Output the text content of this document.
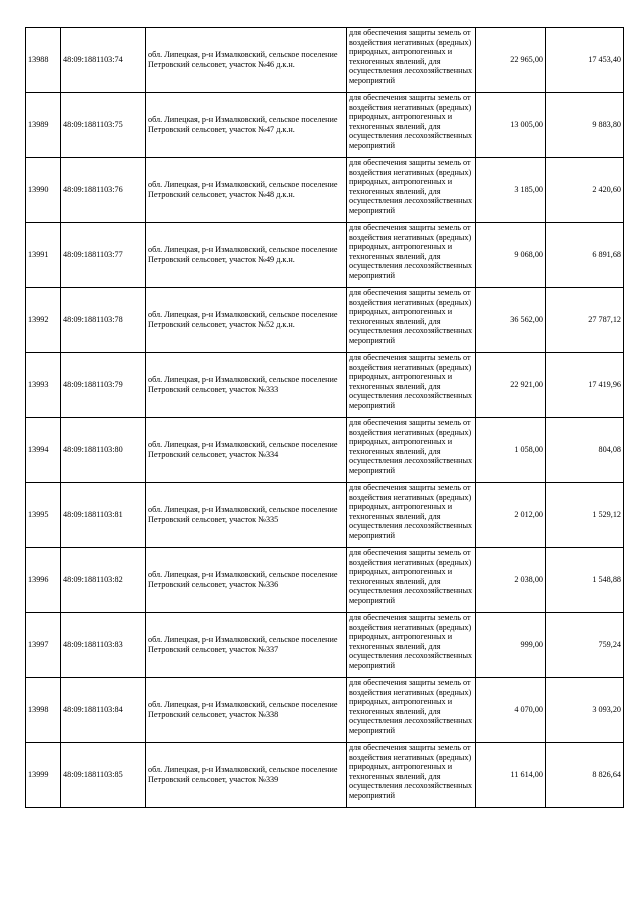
13988	48:09:1881103:74	обл. Липецкая, р-н Измалковский, сельское поселение Петровский сельсовет, участок №46 д.к.н.	для обеспечения защиты земель от воздействия негативных (вредных) природных, антропогенных и техногенных явлений, для осуществления лесохозяйственных мероприятий	22 965,00	17 453,40
13989	48:09:1881103:75	обл. Липецкая, р-н Измалковский, сельское поселение Петровский сельсовет, участок №47 д.к.н.	для обеспечения защиты земель от воздействия негативных (вредных) природных, антропогенных и техногенных явлений, для осуществления лесохозяйственных мероприятий	13 005,00	9 883,80
13990	48:09:1881103:76	обл. Липецкая, р-н Измалковский, сельское поселение Петровский сельсовет, участок №48 д.к.н.	для обеспечения защиты земель от воздействия негативных (вредных) природных, антропогенных и техногенных явлений, для осуществления лесохозяйственных мероприятий	3 185,00	2 420,60
13991	48:09:1881103:77	обл. Липецкая, р-н Измалковский, сельское поселение Петровский сельсовет, участок №49 д.к.н.	для обеспечения защиты земель от воздействия негативных (вредных) природных, антропогенных и техногенных явлений, для осуществления лесохозяйственных мероприятий	9 068,00	6 891,68
13992	48:09:1881103:78	обл. Липецкая, р-н Измалковский, сельское поселение Петровский сельсовет, участок №52 д.к.н.	для обеспечения защиты земель от воздействия негативных (вредных) природных, антропогенных и техногенных явлений, для осуществления лесохозяйственных мероприятий	36 562,00	27 787,12
13993	48:09:1881103:79	обл. Липецкая, р-н Измалковский, сельское поселение Петровский сельсовет, участок №333	для обеспечения защиты земель от воздействия негативных (вредных) природных, антропогенных и техногенных явлений, для осуществления лесохозяйственных мероприятий	22 921,00	17 419,96
13994	48:09:1881103:80	обл. Липецкая, р-н Измалковский, сельское поселение Петровский сельсовет, участок №334	для обеспечения защиты земель от воздействия негативных (вредных) природных, антропогенных и техногенных явлений, для осуществления лесохозяйственных мероприятий	1 058,00	804,08
13995	48:09:1881103:81	обл. Липецкая, р-н Измалковский, сельское поселение Петровский сельсовет, участок №335	для обеспечения защиты земель от воздействия негативных (вредных) природных, антропогенных и техногенных явлений, для осуществления лесохозяйственных мероприятий	2 012,00	1 529,12
13996	48:09:1881103:82	обл. Липецкая, р-н Измалковский, сельское поселение Петровский сельсовет, участок №336	для обеспечения защиты земель от воздействия негативных (вредных) природных, антропогенных и техногенных явлений, для осуществления лесохозяйственных мероприятий	2 038,00	1 548,88
13997	48:09:1881103:83	обл. Липецкая, р-н Измалковский, сельское поселение Петровский сельсовет, участок №337	для обеспечения защиты земель от воздействия негативных (вредных) природных, антропогенных и техногенных явлений, для осуществления лесохозяйственных мероприятий	999,00	759,24
13998	48:09:1881103:84	обл. Липецкая, р-н Измалковский, сельское поселение Петровский сельсовет, участок №338	для обеспечения защиты земель от воздействия негативных (вредных) природных, антропогенных и техногенных явлений, для осуществления лесохозяйственных мероприятий	4 070,00	3 093,20
13999	48:09:1881103:85	обл. Липецкая, р-н Измалковский, сельское поселение Петровский сельсовет, участок №339	для обеспечения защиты земель от воздействия негативных (вредных) природных, антропогенных и техногенных явлений, для осуществления лесохозяйственных мероприятий	11 614,00	8 826,64
